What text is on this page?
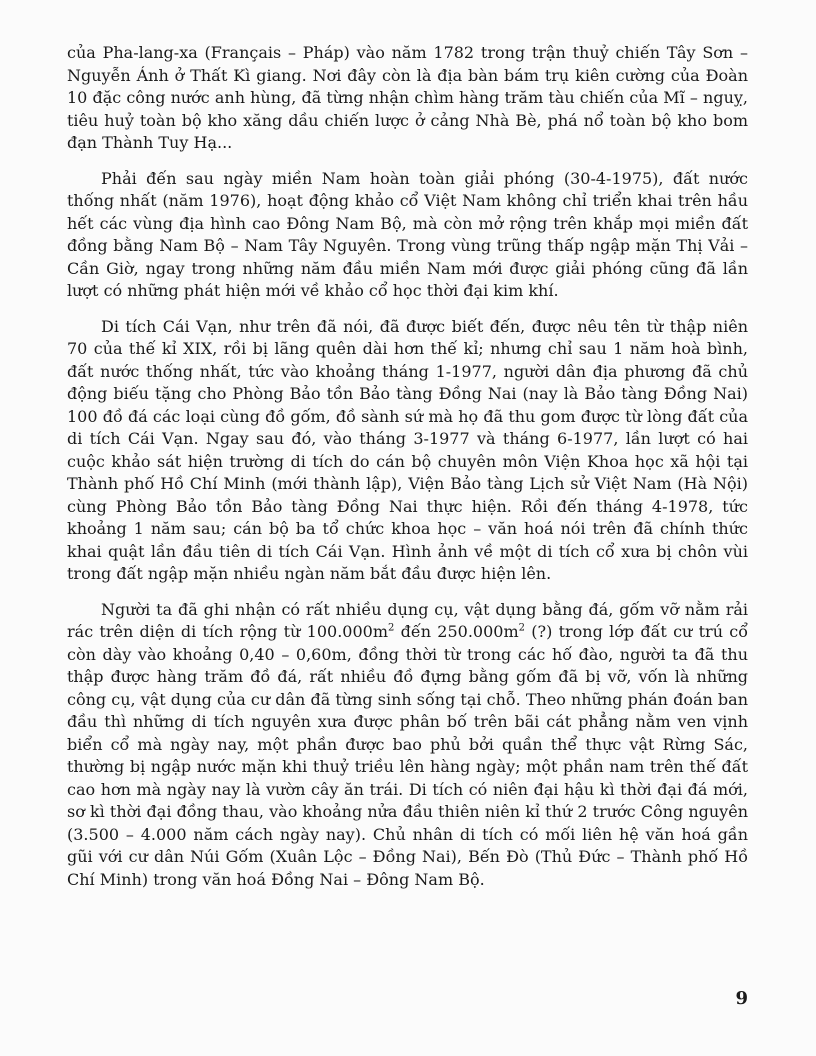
của Pha-lang-xa (Français – Pháp) vào năm 1782 trong trận thuỷ chiến Tây Sơn – Nguyễn Ánh ở Thất Kì giang. Nơi đây còn là địa bàn bám trụ kiên cường của Đoàn 10 đặc công nước anh hùng, đã từng nhận chìm hàng trăm tàu chiến của Mĩ – nguỵ, tiêu huỷ toàn bộ kho xăng dầu chiến lược ở cảng Nhà Bè, phá nổ toàn bộ kho bom đạn Thành Tuy Hạ...

Phải đến sau ngày miền Nam hoàn toàn giải phóng (30-4-1975), đất nước thống nhất (năm 1976), hoạt động khảo cổ Việt Nam không chỉ triển khai trên hầu hết các vùng địa hình cao Đông Nam Bộ, mà còn mở rộng trên khắp mọi miền đất đồng bằng Nam Bộ – Nam Tây Nguyên. Trong vùng trũng thấp ngập mặn Thị Vải – Cần Giờ, ngay trong những năm đầu miền Nam mới được giải phóng cũng đã lần lượt có những phát hiện mới về khảo cổ học thời đại kim khí.

Di tích Cái Vạn, như trên đã nói, đã được biết đến, được nêu tên từ thập niên 70 của thế kỉ XIX, rồi bị lãng quên dài hơn thế kỉ; nhưng chỉ sau 1 năm hoà bình, đất nước thống nhất, tức vào khoảng tháng 1-1977, người dân địa phương đã chủ động biếu tặng cho Phòng Bảo tồn Bảo tàng Đồng Nai (nay là Bảo tàng Đồng Nai) 100 đồ đá các loại cùng đồ gốm, đồ sành sứ mà họ đã thu gom được từ lòng đất của di tích Cái Vạn. Ngay sau đó, vào tháng 3-1977 và tháng 6-1977, lần lượt có hai cuộc khảo sát hiện trường di tích do cán bộ chuyên môn Viện Khoa học xã hội tại Thành phố Hồ Chí Minh (mới thành lập), Viện Bảo tàng Lịch sử Việt Nam (Hà Nội) cùng Phòng Bảo tồn Bảo tàng Đồng Nai thực hiện. Rồi đến tháng 4-1978, tức khoảng 1 năm sau; cán bộ ba tổ chức khoa học – văn hoá nói trên đã chính thức khai quật lần đầu tiên di tích Cái Vạn. Hình ảnh về một di tích cổ xưa bị chôn vùi trong đất ngập mặn nhiều ngàn năm bắt đầu được hiện lên.

Người ta đã ghi nhận có rất nhiều dụng cụ, vật dụng bằng đá, gốm vỡ nằm rải rác trên diện di tích rộng từ $100.000m^2$ đến $250.000m^2$ (?) trong lớp đất cư trú cổ còn dày vào khoảng 0,40 – 0,60m, đồng thời từ trong các hố đào, người ta đã thu thập được hàng trăm đồ đá, rất nhiều đồ đựng bằng gốm đã bị vỡ, vốn là những công cụ, vật dụng của cư dân đã từng sinh sống tại chỗ. Theo những phán đoán ban đầu thì những di tích nguyên xưa được phân bố trên bãi cát phẳng nằm ven vịnh biển cổ mà ngày nay, một phần được bao phủ bởi quần thể thực vật Rừng Sác, thường bị ngập nước mặn khi thuỷ triều lên hàng ngày; một phần nam trên thế đất cao hơn mà ngày nay là vườn cây ăn trái. Di tích có niên đại hậu kì thời đại đá mới, sơ kì thời đại đồng thau, vào khoảng nửa đầu thiên niên kỉ thứ 2 trước Công nguyên (3.500 – 4.000 năm cách ngày nay). Chủ nhân di tích có mối liên hệ văn hoá gần gũi với cư dân Núi Gốm (Xuân Lộc – Đồng Nai), Bến Đò (Thủ Đức – Thành phố Hồ Chí Minh) trong văn hoá Đồng Nai – Đông Nam Bộ.

9
